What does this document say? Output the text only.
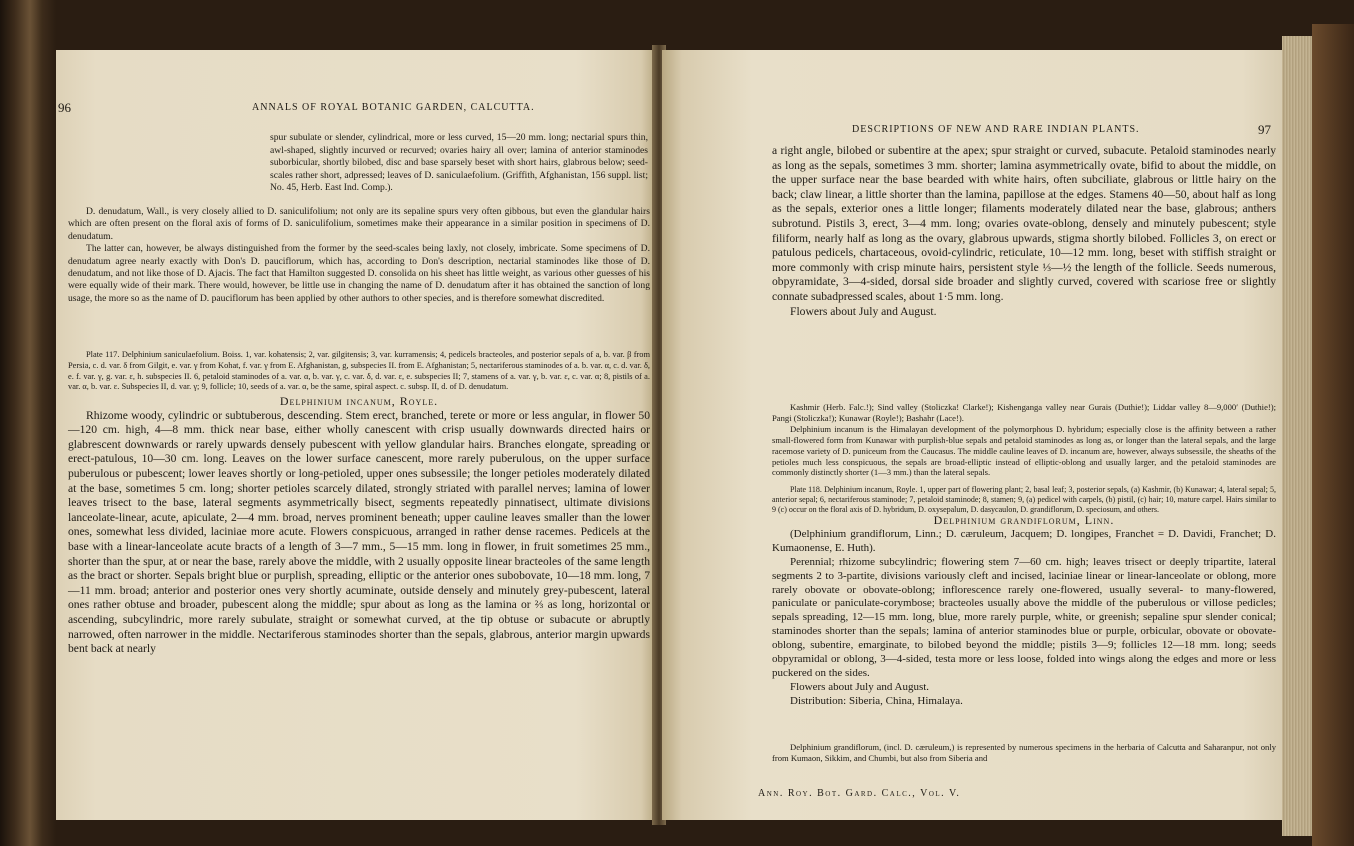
96	ANNALS OF ROYAL BOTANIC GARDEN, CALCUTTA.

spur subulate or slender, cylindrical, more or less curved, 15—20 mm. long; nectarial spurs thin, awl-shaped, slightly incurved or recurved; ovaries hairy all over; lamina of anterior staminodes suborbicular, shortly bilobed, disc and base sparsely beset with short hairs, glabrous below; seed-scales rather short, adpressed; leaves of D. saniculaefolium. (Griffith, Afghanistan, 156 suppl. list; No. 45, Herb. East Ind. Comp.).

D. denudatum, Wall., is very closely allied to D. saniculifolium; not only are its sepaline spurs very often gibbous, but even the glandular hairs which are often present on the floral axis of forms of D. saniculifolium, sometimes make their appearance in a similar position in specimens of D. denudatum.

The latter can, however, be always distinguished from the former by the seed-scales being laxly, not closely, imbricate. Some specimens of D. denudatum agree nearly exactly with Don's D. pauciflorum, which has, according to Don's description, nectarial staminodes like those of D. denudatum, and not like those of D. Ajacis. The fact that Hamilton suggested D. consolida on his sheet has little weight, as various other guesses of his were equally wide of their mark. There would, however, be little use in changing the name of D. denudatum after it has obtained the sanction of long usage, the more so as the name of D. pauciflorum has been applied by other authors to other species, and is therefore somewhat discredited.

Plate 117. Delphinium saniculaefolium. Boiss. 1, var. kohatensis; 2, var. gilgitensis; 3, var. kurramensis; 4, pedicels bracteoles, and posterior sepals of a, b. var. β from Persia, c. d. var. δ from Gilgit, e. var. γ from Kohat, f. var. γ from E. Afghanistan, g, subspecies II. from E. Afghanistan; 5, nectariferous staminodes of a. b. var. α, c. d. var. δ, e. f. var. γ, g. var. ε, h. subspecies II. 6, petaloid staminodes of a. var. α, b. var. γ, c. var. δ, d. var. ε, e. subspecies II; 7, stamens of a. var. γ, b. var. ε, c. var. α; 8, pistils of a. var. α, b. var. ε. Subspecies II, d. var. γ; 9, follicle; 10, seeds of a. var. α, be the same, spiral aspect. c. subsp. II, d. of D. denudatum.

Delphinium incanum, Royle.

Rhizome woody, cylindric or subtuberous, descending. Stem erect, branched, terete or more or less angular, in flower 50—120 cm. high, 4—8 mm. thick near base, either wholly canescent with crisp usually downwards directed hairs or glabrescent downwards or rarely upwards densely pubescent with yellow glandular hairs. Branches elongate, spreading or erect-patulous, 10—30 cm. long. Leaves on the lower surface canescent, more rarely puberulous, on the upper surface puberulous or pubescent; lower leaves shortly or long-petioled, upper ones subsessile; the longer petioles moderately dilated at the base, sometimes 5 cm. long; shorter petioles scarcely dilated, strongly striated with parallel nerves; lamina of lower leaves trisect to the base, lateral segments asymmetrically bisect, segments repeatedly pinnatisect, ultimate divisions lanceolate-linear, acute, apiculate, 2—4 mm. broad, nerves prominent beneath; upper cauline leaves smaller than the lower ones, somewhat less divided, laciniae more acute. Flowers conspicuous, arranged in rather dense racemes. Pedicels at the base with a linear-lanceolate acute bracts of a length of 3—7 mm., 5—15 mm. long in flower, in fruit sometimes 25 mm., shorter than the spur, at or near the base, rarely above the middle, with 2 usually opposite linear bracteoles of the same length as the bract or shorter. Sepals bright blue or purplish, spreading, elliptic or the anterior ones subobovate, 10—18 mm. long, 7—11 mm. broad; anterior and posterior ones very shortly acuminate, outside densely and minutely grey-pubescent, lateral ones rather obtuse and broader, pubescent along the middle; spur about as long as the lamina or ⅔ as long, horizontal or ascending, subcylindric, more rarely subulate, straight or somewhat curved, at the tip obtuse or subacute or abruptly narrowed, often narrower in the middle. Nectariferous staminodes shorter than the sepals, glabrous, anterior margin upwards bent back at nearly

DESCRIPTIONS OF NEW AND RARE INDIAN PLANTS.	97

a right angle, bilobed or subentire at the apex; spur straight or curved, subacute. Petaloid staminodes nearly as long as the sepals, sometimes 3 mm. shorter; lamina asymmetrically ovate, bifid to about the middle, on the upper surface near the base bearded with white hairs, often subciliate, glabrous or little hairy on the back; claw linear, a little shorter than the lamina, papillose at the edges. Stamens 40—50, about half as long as the sepals, exterior ones a little longer; filaments moderately dilated near the base, glabrous; anthers subrotund. Pistils 3, erect, 3—4 mm. long; ovaries ovate-oblong, densely and minutely pubescent; style filiform, nearly half as long as the ovary, glabrous upwards, stigma shortly bilobed. Follicles 3, on erect or patulous pedicels, chartaceous, ovoid-cylindric, reticulate, 10—12 mm. long, beset with stiffish straight or more commonly with crisp minute hairs, persistent style ⅓—½ the length of the follicle. Seeds numerous, obpyramidate, 3—4-sided, dorsal side broader and slightly curved, covered with scariose free or slightly connate subadpressed scales, about 1·5 mm. long.

Flowers about July and August.

Kashmir (Herb. Falc.!); Sind valley (Stoliczka! Clarke!); Kishenganga valley near Gurais (Duthie!); Liddar valley 8—9,000′ (Duthie!); Pangi (Stoliczka!); Kunawar (Royle!); Bashahr (Lace!).

Delphinium incanum is the Himalayan development of the polymorphous D. hybridum; especially close is the affinity between a rather small-flowered form from Kunawar with purplish-blue sepals and petaloid staminodes as long as, or longer than the lateral sepals, and the large racemose variety of D. puniceum from the Caucasus. The middle cauline leaves of D. incanum are, however, always subsessile, the sheaths of the petioles much less conspicuous, the sepals are broad-elliptic instead of elliptic-oblong and usually larger, and the petaloid staminodes are commonly distinctly shorter (1—3 mm.) than the lateral sepals.

Plate 118. Delphinium incanum, Royle. 1, upper part of flowering plant; 2, basal leaf; 3, posterior sepals, (a) Kashmir, (b) Kunawar; 4, lateral sepal; 5, anterior sepal; 6, nectariferous staminode; 7, petaloid staminode; 8, stamen; 9, (a) pedicel with carpels, (b) pistil, (c) hair; 10, mature carpel. Hairs similar to 9 (c) occur on the floral axis of D. hybridum, D. oxysepalum, D. dasycaulon, D. grandiflorum, D. speciosum, and others.

Delphinium grandiflorum, Linn.

(Delphinium grandiflorum, Linn.; D. cæruleum, Jacquem; D. longipes, Franchet = D. Davidi, Franchet; D. Kumaonense, E. Huth).

Perennial; rhizome subcylindric; flowering stem 7—60 cm. high; leaves trisect or deeply tripartite, lateral segments 2 to 3-partite, divisions variously cleft and incised, laciniae linear or linear-lanceolate or oblong, more rarely obovate or obovate-oblong; inflorescence rarely one-flowered, usually several- to many-flowered, paniculate or paniculate-corymbose; bracteoles usually above the middle of the puberulous or villose pedicles; sepals spreading, 12—15 mm. long, blue, more rarely purple, white, or greenish; sepaline spur slender conical; staminodes shorter than the sepals; lamina of anterior staminodes blue or purple, orbicular, obovate or obovate-oblong, subentire, emarginate, to bilobed beyond the middle; pistils 3—9; follicles 12—18 mm. long; seeds obpyramidal or oblong, 3—4-sided, testa more or less loose, folded into wings along the edges and more or less puckered on the sides.

Flowers about July and August.

Distribution: Siberia, China, Himalaya.

Delphinium grandiflorum, (incl. D. cæruleum,) is represented by numerous specimens in the herbaria of Calcutta and Saharanpur, not only from Kumaon, Sikkim, and Chumbi, but also from Siberia and

Ann. Roy. Bot. Gard. Calc., Vol. V.
